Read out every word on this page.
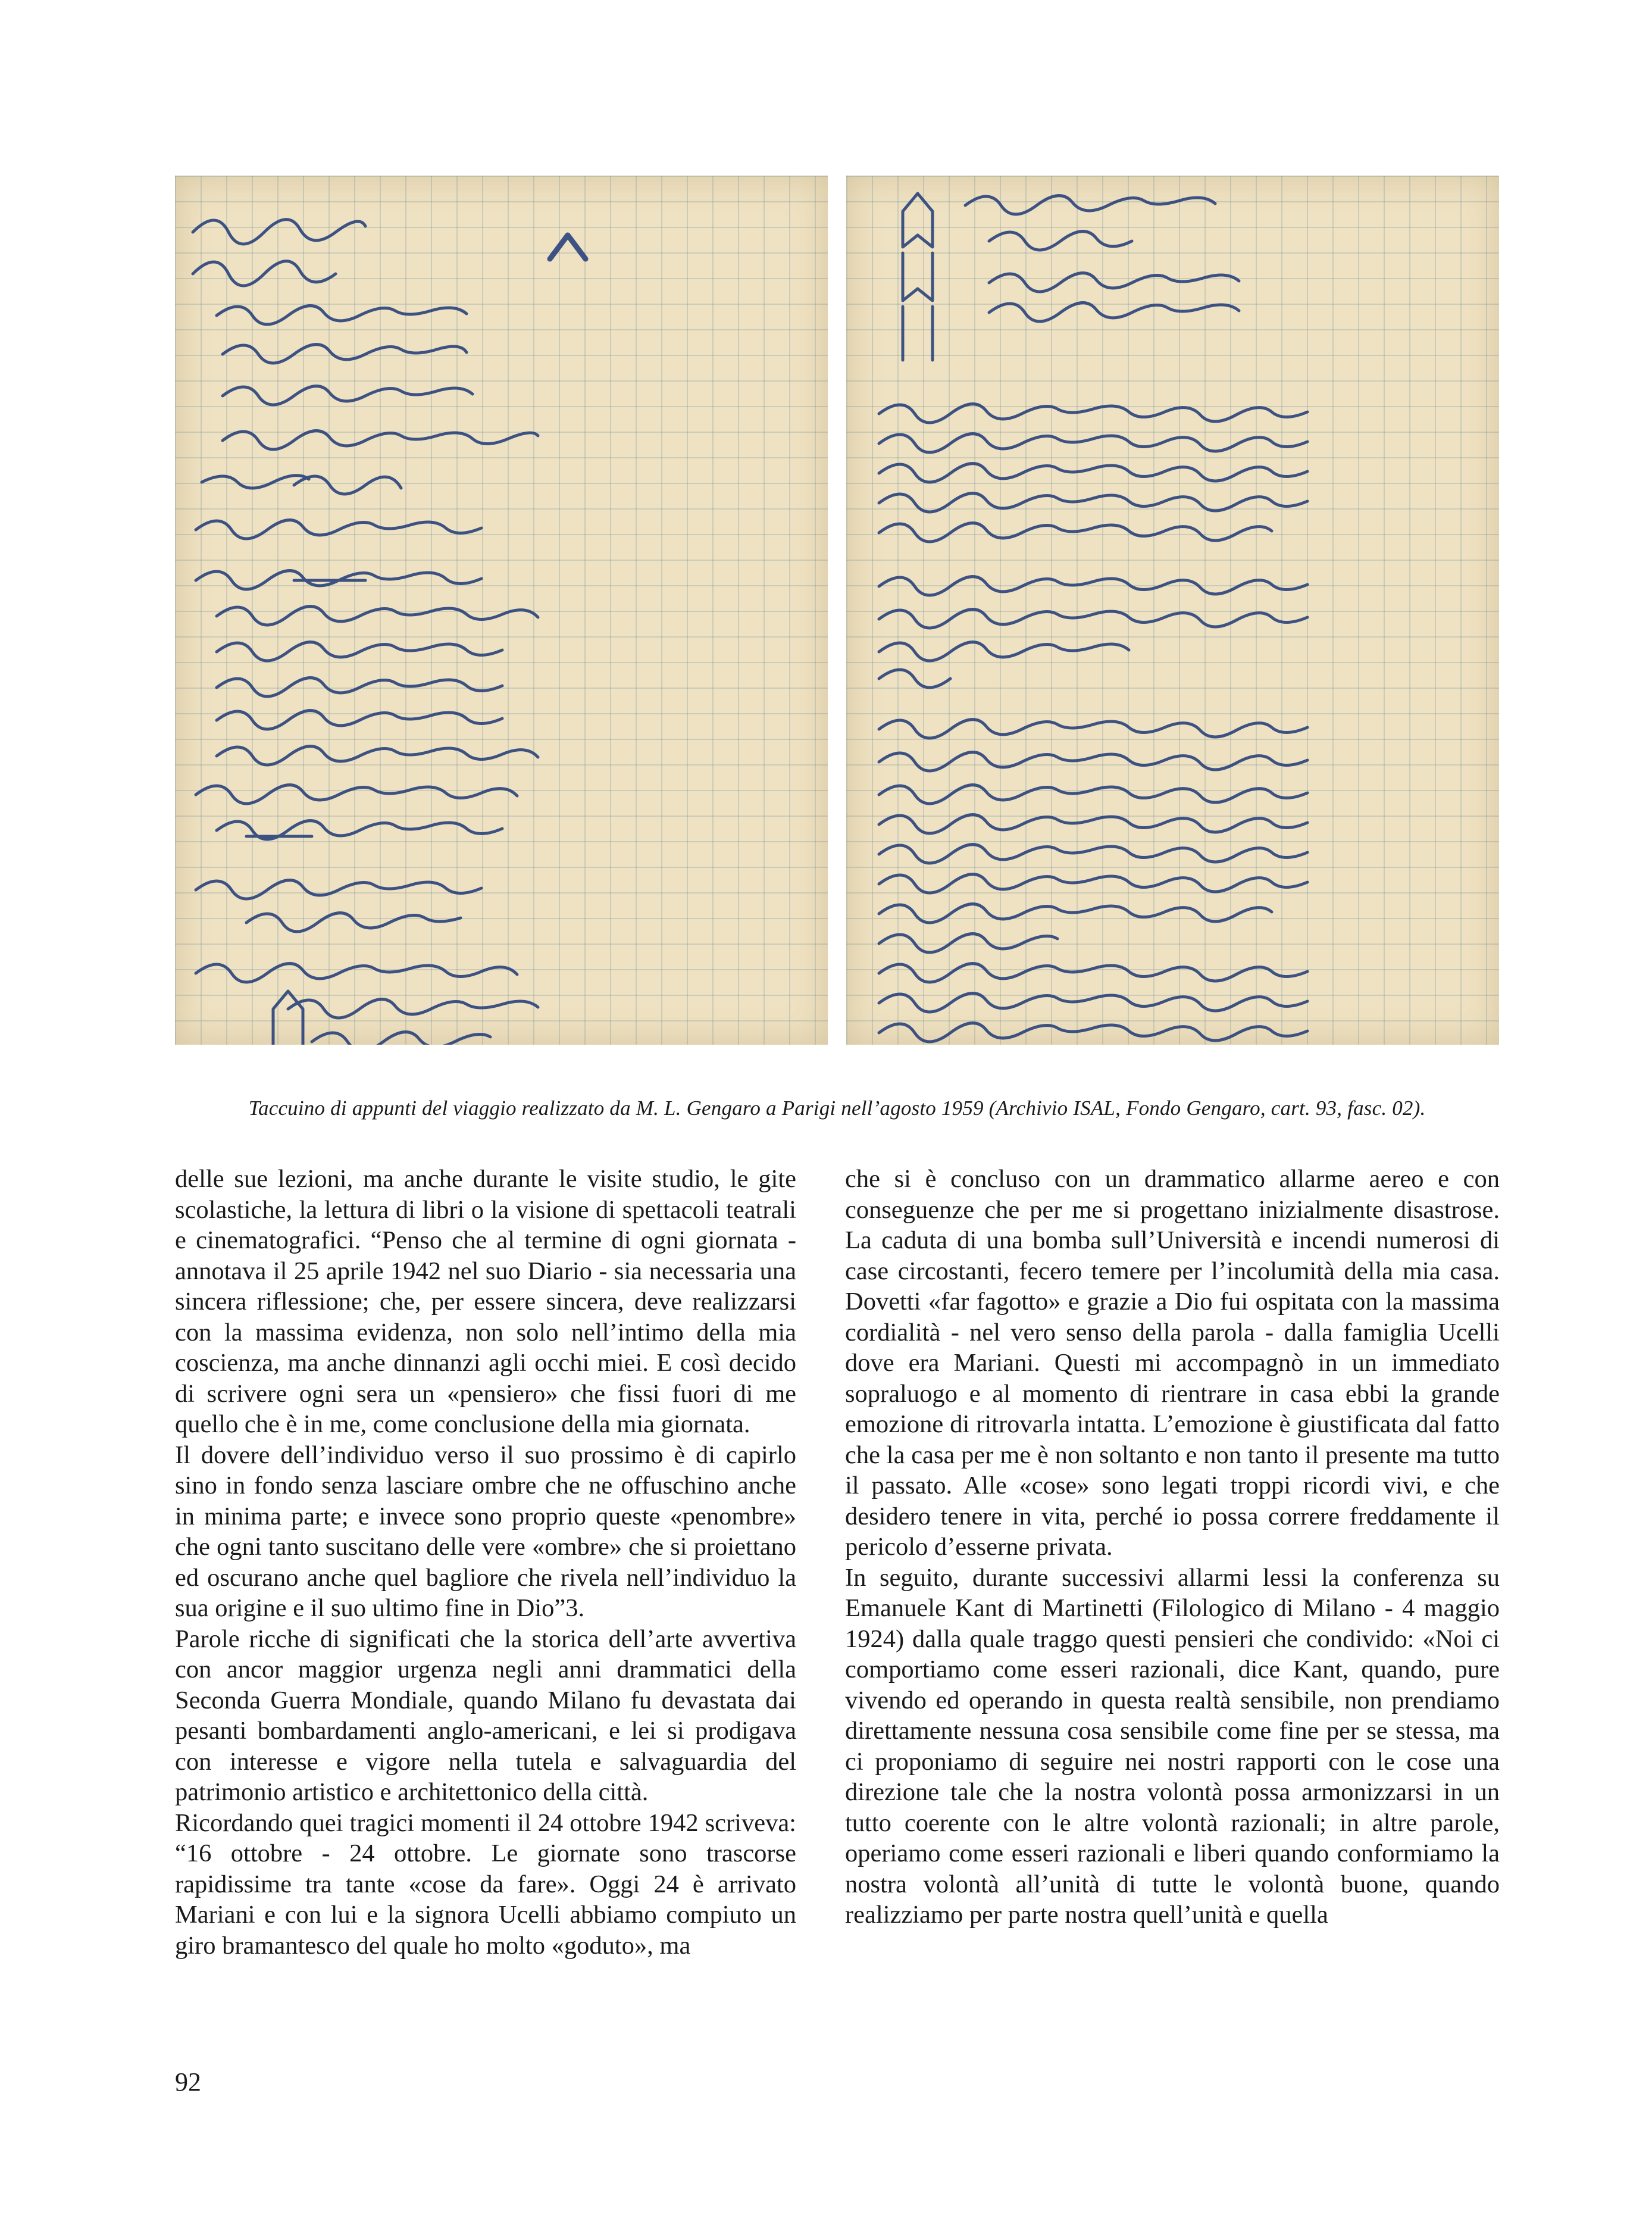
Taccuino di appunti del viaggio realizzato da M. L. Gengaro a Parigi nell’agosto 1959 (Archivio ISAL, Fondo Gengaro, cart. 93, fasc. 02).

delle sue lezioni, ma anche durante le visite studio, le gite scolastiche, la lettura di libri o la visione di spettacoli teatrali e cinematografici. “Penso che al termine di ogni giornata - annotava il 25 aprile 1942 nel suo Diario - sia necessaria una sincera riflessione; che, per essere sincera, deve realizzarsi con la massima evidenza, non solo nell’intimo della mia coscienza, ma anche dinnanzi agli occhi miei. E così decido di scrivere ogni sera un «pensiero» che fissi fuori di me quello che è in me, come conclusione della mia giornata.

Il dovere dell’individuo verso il suo prossimo è di capirlo sino in fondo senza lasciare ombre che ne offuschino anche in minima parte; e invece sono proprio queste «penombre» che ogni tanto suscitano delle vere «ombre» che si proiettano ed oscurano anche quel bagliore che rivela nell’individuo la sua origine e il suo ultimo fine in Dio”3.

Parole ricche di significati che la storica dell’arte avvertiva con ancor maggior urgenza negli anni drammatici della Seconda Guerra Mondiale, quando Milano fu devastata dai pesanti bombardamenti anglo-americani, e lei si prodigava con interesse e vigore nella tutela e salvaguardia del patrimonio artistico e architettonico della città.

Ricordando quei tragici momenti il 24 ottobre 1942 scriveva: “16 ottobre - 24 ottobre. Le giornate sono trascorse rapidissime tra tante «cose da fare». Oggi 24 è arrivato Mariani e con lui e la signora Ucelli abbiamo compiuto un giro bramantesco del quale ho molto «goduto», ma

che si è concluso con un drammatico allarme aereo e con conseguenze che per me si progettano inizialmente disastrose. La caduta di una bomba sull’Università e incendi numerosi di case circostanti, fecero temere per l’incolumità della mia casa. Dovetti «far fagotto» e grazie a Dio fui ospitata con la massima cordialità - nel vero senso della parola - dalla famiglia Ucelli dove era Mariani. Questi mi accompagnò in un immediato sopraluogo e al momento di rientrare in casa ebbi la grande emozione di ritrovarla intatta. L’emozione è giustificata dal fatto che la casa per me è non soltanto e non tanto il presente ma tutto il passato. Alle «cose» sono legati troppi ricordi vivi, e che desidero tenere in vita, perché io possa correre freddamente il pericolo d’esserne privata.

In seguito, durante successivi allarmi lessi la conferenza su Emanuele Kant di Martinetti (Filologico di Milano - 4 maggio 1924) dalla quale traggo questi pensieri che condivido: «Noi ci comportiamo come esseri razionali, dice Kant, quando, pure vivendo ed operando in questa realtà sensibile, non prendiamo direttamente nessuna cosa sensibile come fine per se stessa, ma ci proponiamo di seguire nei nostri rapporti con le cose una direzione tale che la nostra volontà possa armonizzarsi in un tutto coerente con le altre volontà razionali; in altre parole, operiamo come esseri razionali e liberi quando conformiamo la nostra volontà all’unità di tutte le volontà buone, quando realizziamo per parte nostra quell’unità e quella

92
